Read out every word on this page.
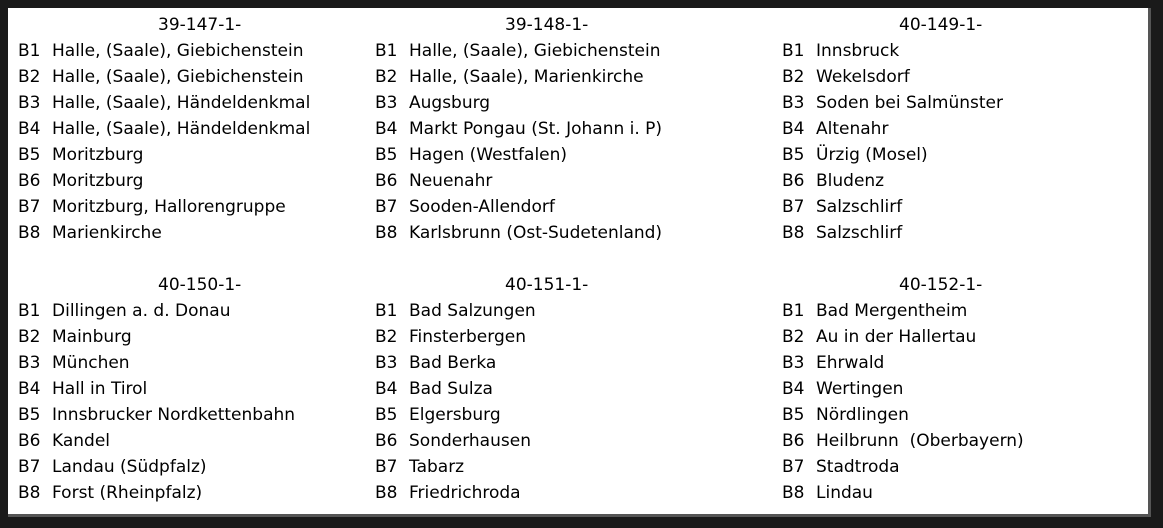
39-147-1-
B1 Halle, (Saale), Giebichenstein
B2 Halle, (Saale), Giebichenstein
B3 Halle, (Saale), Händeldenkmal
B4 Halle, (Saale), Händeldenkmal
B5 Moritzburg
B6 Moritzburg
B7 Moritzburg, Hallorengruppe
B8 Marienkirche
39-148-1-
B1 Halle, (Saale), Giebichenstein
B2 Halle, (Saale), Marienkirche
B3 Augsburg
B4 Markt Pongau (St. Johann i. P)
B5 Hagen (Westfalen)
B6 Neuenahr
B7 Sooden-Allendorf
B8 Karlsbrunn (Ost-Sudetenland)
40-149-1-
B1 Innsbruck
B2 Wekelsdorf
B3 Soden bei Salmünster
B4 Altenahr
B5 Ürzig (Mosel)
B6 Bludenz
B7 Salzschlirf
B8 Salzschlirf
40-150-1-
B1 Dillingen a. d. Donau
B2 Mainburg
B3 München
B4 Hall in Tirol
B5 Innsbrucker Nordkettenbahn
B6 Kandel
B7 Landau (Südpfalz)
B8 Forst (Rheinpfalz)
40-151-1-
B1 Bad Salzungen
B2 Finsterbergen
B3 Bad Berka
B4 Bad Sulza
B5 Elgersburg
B6 Sonderhausen
B7 Tabarz
B8 Friedrichroda
40-152-1-
B1 Bad Mergentheim
B2 Au in der Hallertau
B3 Ehrwald
B4 Wertingen
B5 Nördlingen
B6 Heilbrunn  (Oberbayern)
B7 Stadtroda
B8 Lindau
